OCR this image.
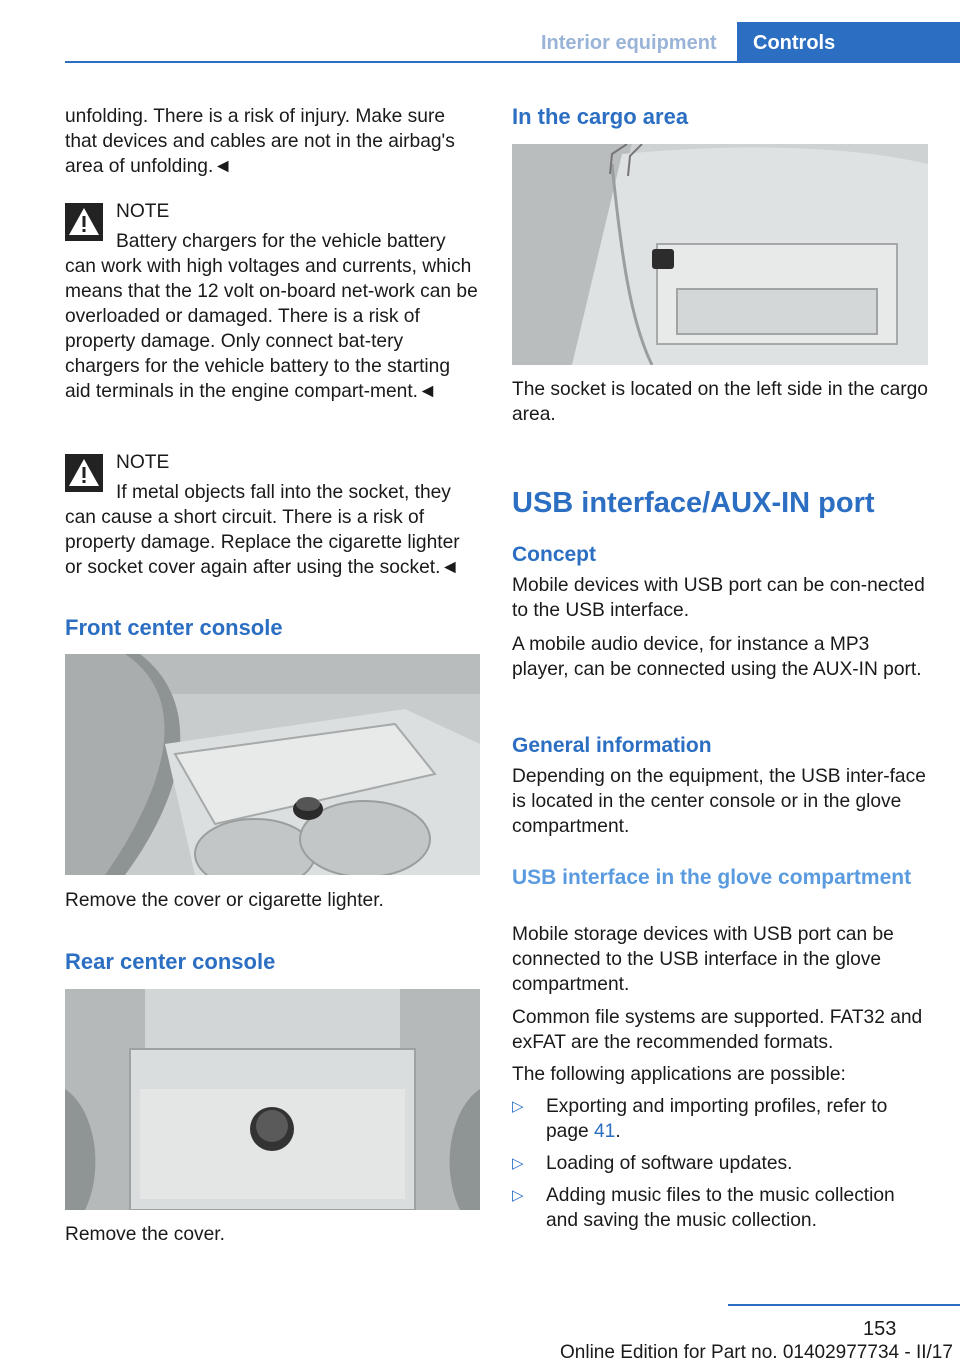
Interior equipment	Controls

unfolding. There is a risk of injury. Make sure that devices and cables are not in the airbag's area of unfolding.◄

NOTE
Battery chargers for the vehicle battery can work with high voltages and currents, which means that the 12 volt on-board net‑work can be overloaded or damaged. There is a risk of property damage. Only connect bat‑tery chargers for the vehicle battery to the starting aid terminals in the engine compart‑ment.◄
NOTE
If metal objects fall into the socket, they can cause a short circuit. There is a risk of property damage. Replace the cigarette lighter or socket cover again after using the socket.◄
Front center console

Remove the cover or cigarette lighter.

Rear center console

Remove the cover.

In the cargo area

The socket is located on the left side in the cargo area.

USB interface/AUX-IN port
Concept

Mobile devices with USB port can be con‑nected to the USB interface.

A mobile audio device, for instance a MP3 player, can be connected using the AUX-IN port.

General information

Depending on the equipment, the USB inter‑face is located in the center console or in the glove compartment.

USB interface in the glove compartment

Mobile storage devices with USB port can be connected to the USB interface in the glove compartment.

Common file systems are supported. FAT32 and exFAT are the recommended formats.

The following applications are possible:

▷ Exporting and importing profiles, refer to page 41.
▷ Loading of software updates.
▷ Adding music files to the music collection and saving the music collection.
153
Online Edition for Part no. 01402977734 - II/17
